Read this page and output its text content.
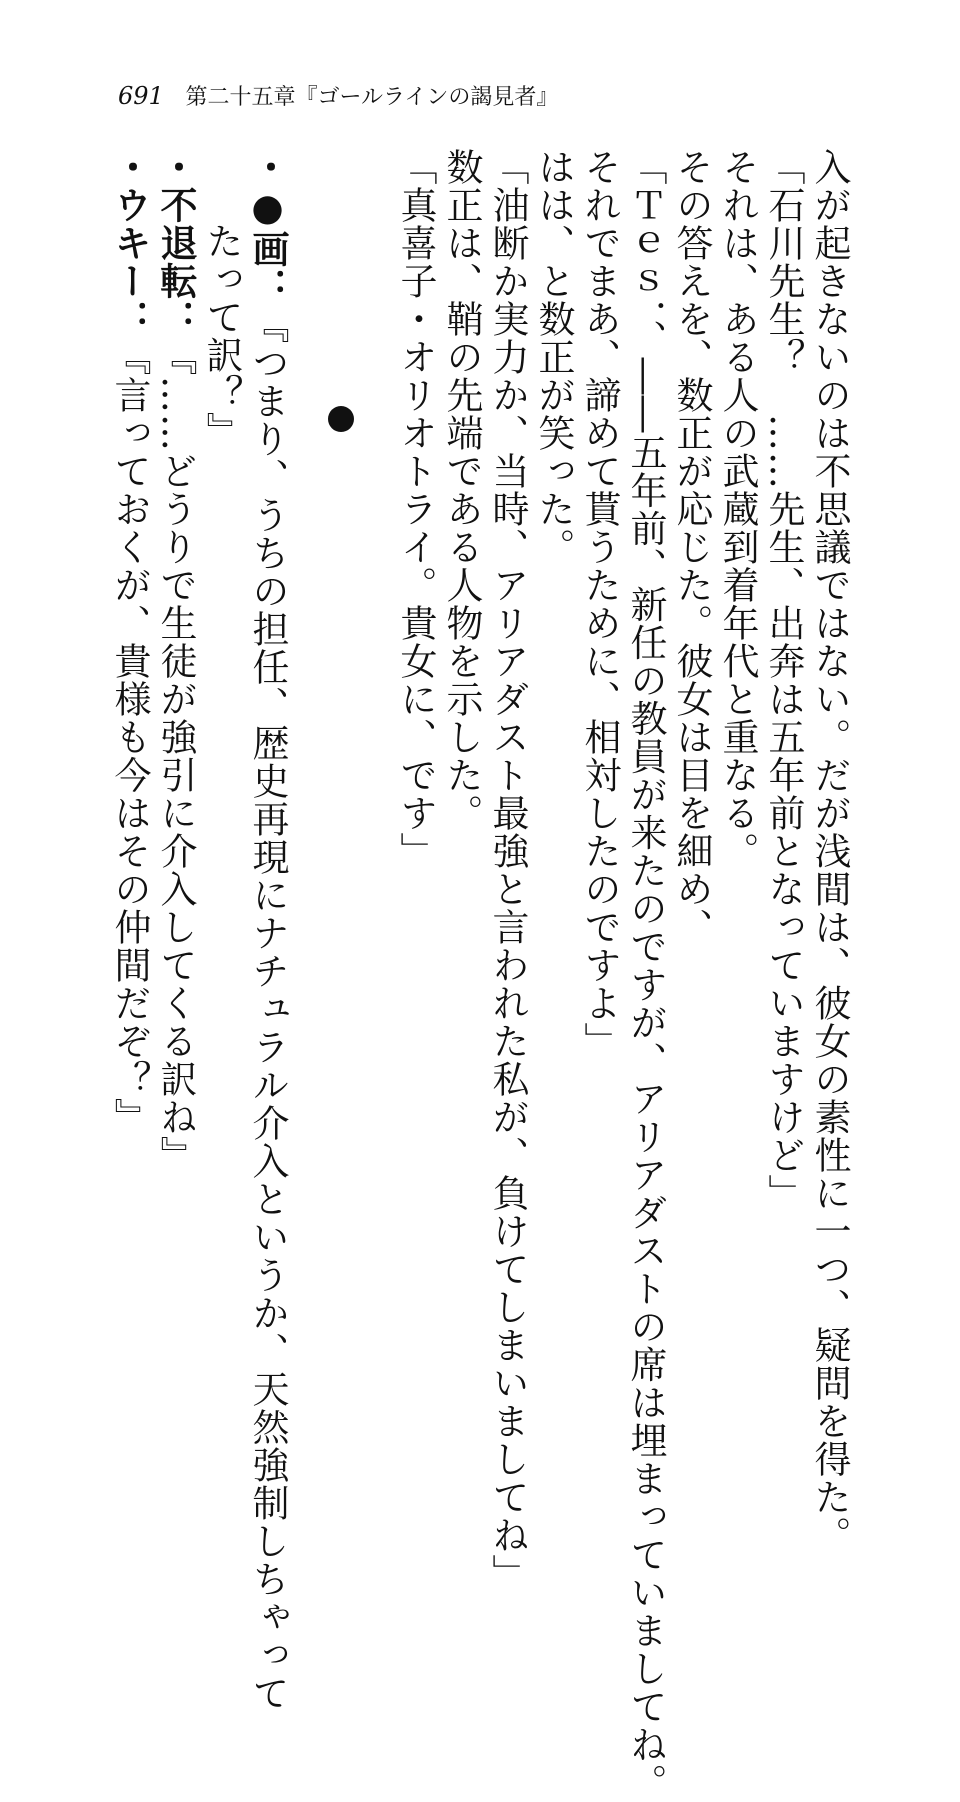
691 第二十五章『ゴールラインの謁見者』
入が起きないのは不思議ではない。だが浅間は、彼女の素性に一つ、疑問を得た。
「石川先生？　……先生、出奔は五年前となっていますけど」
それは、ある人の武蔵到着年代と重なる。
その答えを、数正が応じた。彼女は目を細め、
「Ｔｅｓ．、――五年前、新任の教員が来たのですが、アリアダストの席は埋まっていましてね。
それでまあ、諦めて貰うために、相対したのですよ」
はは、と数正が笑った。
「油断か実力か、当時、アリアダスト最強と言われた私が、負けてしまいましてね」
数正は、鞘の先端である人物を示した。
「真喜子・オリオトライ。貴女に、です」
・●画：『つまり、うちの担任、歴史再現にナチュラル介入というか、天然強制しちゃって
たって訳？』
・不退転：『……どうりで生徒が強引に介入してくる訳ね』
・ウキー：『言っておくが、貴様も今はその仲間だぞ？』
